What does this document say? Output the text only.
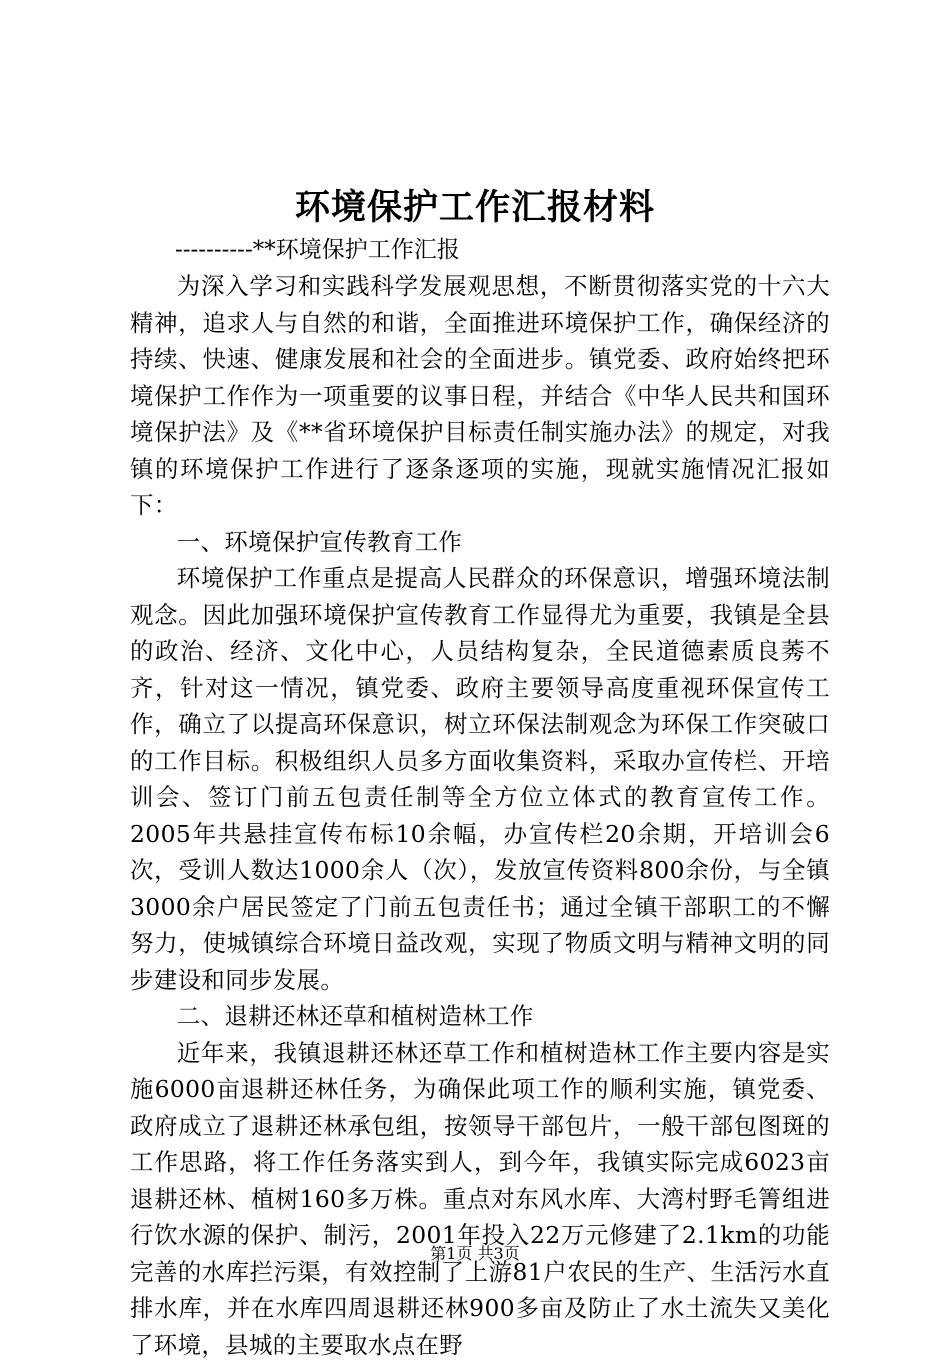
环境保护工作汇报材料
----------**环境保护工作汇报

为深入学习和实践科学发展观思想，不断贯彻落实党的十六大精神，追求人与自然的和谐，全面推进环境保护工作，确保经济的持续、快速、健康发展和社会的全面进步。镇党委、政府始终把环境保护工作作为一项重要的议事日程，并结合《中华人民共和国环境保护法》及《**省环境保护目标责任制实施办法》的规定，对我镇的环境保护工作进行了逐条逐项的实施，现就实施情况汇报如下：

一、环境保护宣传教育工作

环境保护工作重点是提高人民群众的环保意识，增强环境法制观念。因此加强环境保护宣传教育工作显得尤为重要，我镇是全县的政治、经济、文化中心，人员结构复杂，全民道德素质良莠不齐，针对这一情况，镇党委、政府主要领导高度重视环保宣传工作，确立了以提高环保意识，树立环保法制观念为环保工作突破口的工作目标。积极组织人员多方面收集资料，采取办宣传栏、开培训会、签订门前五包责任制等全方位立体式的教育宣传工作。2005年共悬挂宣传布标10余幅，办宣传栏20余期，开培训会6次，受训人数达1000余人（次），发放宣传资料800余份，与全镇3000余户居民签定了门前五包责任书；通过全镇干部职工的不懈努力，使城镇综合环境日益改观，实现了物质文明与精神文明的同步建设和同步发展。

二、退耕还林还草和植树造林工作

近年来，我镇退耕还林还草工作和植树造林工作主要内容是实施6000亩退耕还林任务，为确保此项工作的顺利实施，镇党委、政府成立了退耕还林承包组，按领导干部包片，一般干部包图斑的工作思路，将工作任务落实到人，到今年，我镇实际完成6023亩退耕还林、植树160多万株。重点对东风水库、大湾村野毛箐组进行饮水源的保护、制污，2001年投入22万元修建了2.1km的功能完善的水库拦污渠，有效控制了上游81户农民的生产、生活污水直排水库，并在水库四周退耕还林900多亩及防止了水土流失又美化了环境，县城的主要取水点在野

第1页 共3页
